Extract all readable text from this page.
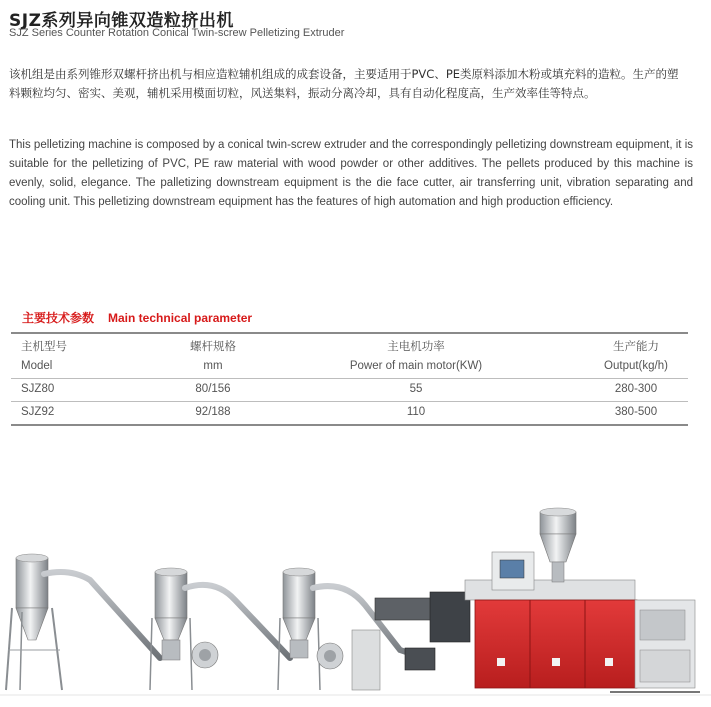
SJZ系列异向锥双造粒挤出机
SJZ Series Counter Rotation Conical Twin-screw Pelletizing Extruder
该机组是由系列锥形双螺杆挤出机与相应造粒辅机组成的成套设备，主要适用于PVC、PE类原料添加木粉或填充料的造粒。生产的塑料颗粒均匀、密实、美观，辅机采用模面切粒，风送集料，振动分离冷却，具有自动化程度高，生产效率佳等特点。
This pelletizing machine is composed by a conical twin-screw extruder and the correspondingly pelletizing downstream equipment, it is suitable for the pelletizing of PVC, PE raw material with wood powder or other additives. The pellets produced by this machine is evenly, solid, elegance. The palletizing downstream equipment is the die face cutter, air transferring unit, vibration separating and cooling unit. This pelletizing downstream equipment has the features of high automation and high production efficiency.
主要技术参数 Main technical parameter
主机型号	螺杆规格	主电机功率	生产能力
Model	mm	Power of main motor(KW)	Output(kg/h)
SJZ80	80/156	55	280-300
SJZ92	92/188	110	380-500
